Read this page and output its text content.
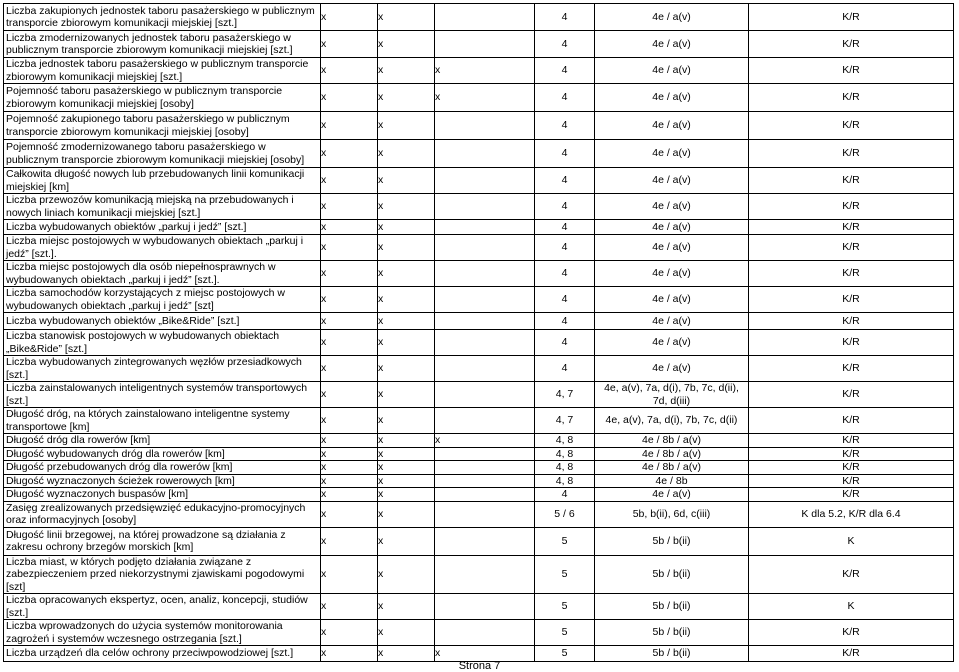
Liczba zakupionych jednostek taboru pasażerskiego w publicznym transporcie zbiorowym komunikacji miejskiej [szt.]	x	x		4	4e / a(v)	K/R
Liczba zmodernizowanych jednostek taboru pasażerskiego w publicznym transporcie zbiorowym komunikacji miejskiej [szt.]	x	x		4	4e / a(v)	K/R
Liczba jednostek taboru pasażerskiego w publicznym transporcie zbiorowym komunikacji miejskiej [szt.]	x	x	x	4	4e / a(v)	K/R
Pojemność taboru pasażerskiego w publicznym transporcie zbiorowym komunikacji miejskiej [osoby]	x	x	x	4	4e / a(v)	K/R
Pojemność zakupionego taboru pasażerskiego w publicznym transporcie zbiorowym komunikacji miejskiej [osoby]	x	x		4	4e / a(v)	K/R
Pojemność zmodernizowanego taboru pasażerskiego w publicznym transporcie zbiorowym komunikacji miejskiej [osoby]	x	x		4	4e / a(v)	K/R
Całkowita długość nowych lub przebudowanych linii komunikacji miejskiej [km]	x	x		4	4e / a(v)	K/R
Liczba przewozów komunikacją miejską na przebudowanych i nowych liniach komunikacji miejskiej [szt.]	x	x		4	4e / a(v)	K/R
Liczba wybudowanych obiektów „parkuj i jedź” [szt.]	x	x		4	4e / a(v)	K/R
Liczba miejsc postojowych w wybudowanych obiektach „parkuj i jedź” [szt.].	x	x		4	4e / a(v)	K/R
Liczba miejsc postojowych dla osób niepełnosprawnych w wybudowanych obiektach „parkuj i jedź” [szt.].	x	x		4	4e / a(v)	K/R
Liczba samochodów korzystających z miejsc postojowych w wybudowanych obiektach „parkuj i jedź” [szt]	x	x		4	4e / a(v)	K/R
Liczba wybudowanych obiektów „Bike&Ride” [szt.]	x	x		4	4e / a(v)	K/R
Liczba stanowisk postojowych w wybudowanych obiektach „Bike&Ride” [szt.]	x	x		4	4e / a(v)	K/R
Liczba wybudowanych zintegrowanych węzłów przesiadkowych [szt.]	x	x		4	4e / a(v)	K/R
Liczba zainstalowanych inteligentnych systemów transportowych [szt.]	x	x		4, 7	4e, a(v), 7a, d(i), 7b, 7c, d(ii), 7d, d(iii)	K/R
Długość dróg, na których zainstalowano inteligentne systemy transportowe [km]	x	x		4, 7	4e, a(v), 7a, d(i), 7b, 7c, d(ii)	K/R
Długość dróg dla rowerów [km]	x	x	x	4, 8	4e / 8b / a(v)	K/R
Długość wybudowanych dróg dla rowerów [km]	x	x		4, 8	4e / 8b / a(v)	K/R
Długość przebudowanych dróg dla rowerów [km]	x	x		4, 8	4e / 8b / a(v)	K/R
Długość wyznaczonych ścieżek rowerowych [km]	x	x		4, 8	4e / 8b	K/R
Długość wyznaczonych buspasów [km]	x	x		4	4e / a(v)	K/R
Zasięg zrealizowanych przedsięwzięć edukacyjno-promocyjnych oraz informacyjnych [osoby]	x	x		5 / 6	5b, b(ii), 6d, c(iii)	K dla 5.2, K/R dla 6.4
Długość linii brzegowej, na której prowadzone są działania z zakresu ochrony brzegów morskich [km]	x	x		5	5b / b(ii)	K
Liczba miast, w których podjęto działania związane z zabezpieczeniem przed niekorzystnymi zjawiskami pogodowymi [szt]	x	x		5	5b / b(ii)	K/R
Liczba opracowanych ekspertyz, ocen, analiz, koncepcji, studiów [szt.]	x	x		5	5b / b(ii)	K
Liczba wprowadzonych do użycia systemów monitorowania zagrożeń i systemów wczesnego ostrzegania [szt.]	x	x		5	5b / b(ii)	K/R
Liczba urządzeń dla celów ochrony przeciwpowodziowej [szt.]	x	x	x	5	5b / b(ii)	K/R
Strona 7
